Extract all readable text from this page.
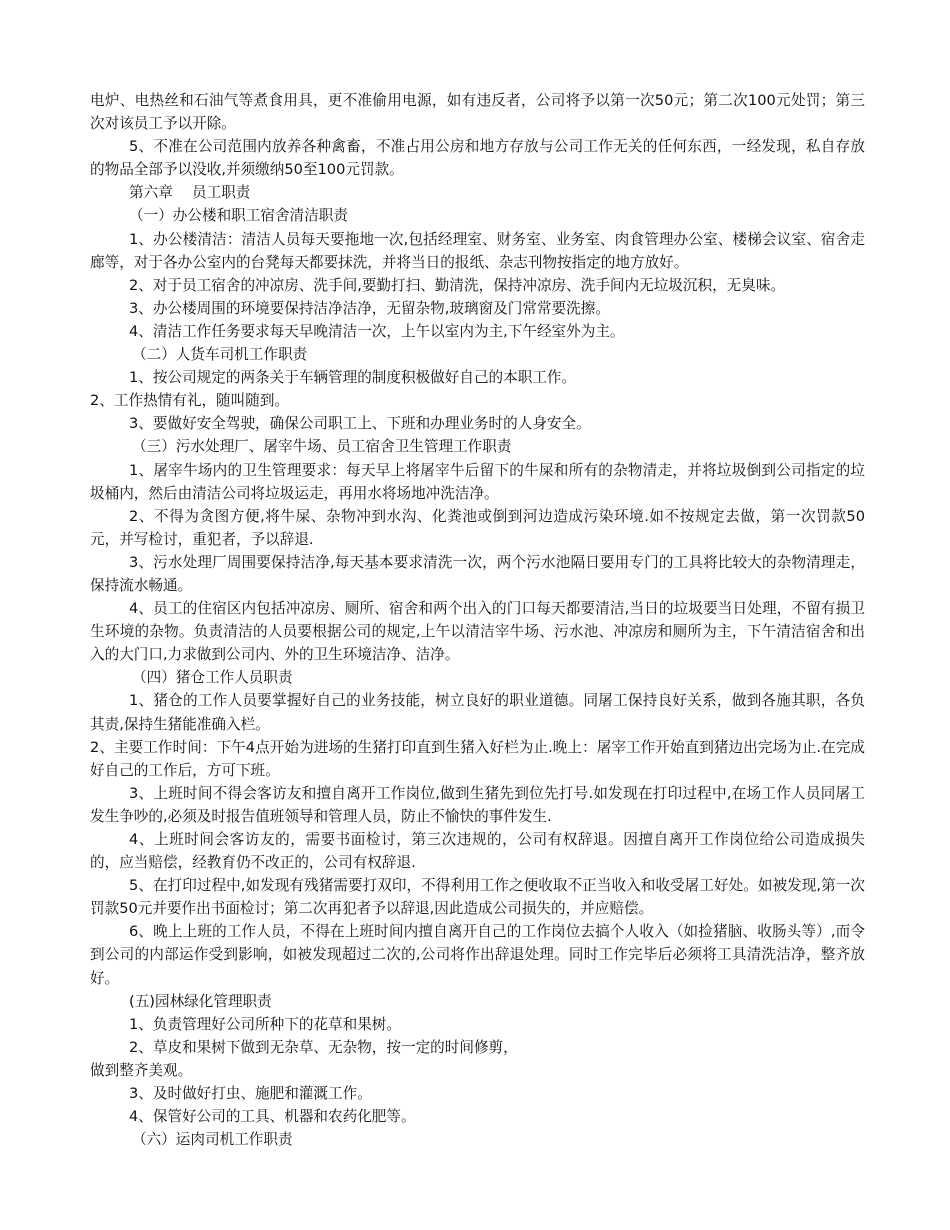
电炉、电热丝和石油气等煮食用具，更不准偷用电源，如有违反者，公司将予以第一次50元；第二次100元处罚；第三次对该员工予以开除。

5、不准在公司范围内放养各种禽畜，不准占用公房和地方存放与公司工作无关的任何东西，一经发现，私自存放的物品全部予以没收,并须缴纳50至100元罚款。

第六章　 员工职责

（一）办公楼和职工宿舍清洁职责

1、办公楼清洁：清洁人员每天要拖地一次,包括经理室、财务室、业务室、肉食管理办公室、楼梯会议室、宿舍走廊等，对于各办公室内的台凳每天都要抹洗，并将当日的报纸、杂志刊物按指定的地方放好。

2、对于员工宿舍的冲凉房、洗手间,要勤打扫、勤清洗，保持冲凉房、洗手间内无垃圾沉积，无臭味。

3、办公楼周围的环境要保持洁净洁净，无留杂物,玻璃窗及门常常要洗擦。

4、清洁工作任务要求每天早晚清洁一次，上午以室内为主,下午经室外为主。

（二）人货车司机工作职责

1、按公司规定的两条关于车辆管理的制度积极做好自己的本职工作。

2、工作热情有礼，随叫随到。

3、要做好安全驾驶，确保公司职工上、下班和办理业务时的人身安全。

（三）污水处理厂、屠宰牛场、员工宿舍卫生管理工作职责

1、屠宰牛场内的卫生管理要求：每天早上将屠宰牛后留下的牛屎和所有的杂物清走，并将垃圾倒到公司指定的垃圾桶内，然后由清洁公司将垃圾运走，再用水将场地冲洗洁净。

2、不得为贪图方便,将牛屎、杂物冲到水沟、化粪池或倒到河边造成污染环境.如不按规定去做，第一次罚款50元，并写检讨，重犯者，予以辞退.

3、污水处理厂周围要保持洁净,每天基本要求清洗一次，两个污水池隔日要用专门的工具将比较大的杂物清理走，保持流水畅通。

4、员工的住宿区内包括冲凉房、厕所、宿舍和两个出入的门口每天都要清洁,当日的垃圾要当日处理，不留有损卫生环境的杂物。负责清洁的人员要根据公司的规定,上午以清洁宰牛场、污水池、冲凉房和厕所为主，下午清洁宿舍和出入的大门口,力求做到公司内、外的卫生环境洁净、洁净。

（四）猪仓工作人员职责

1、猪仓的工作人员要掌握好自己的业务技能，树立良好的职业道德。同屠工保持良好关系，做到各施其职，各负其责,保持生猪能准确入栏。

2、主要工作时间：下午4点开始为进场的生猪打印直到生猪入好栏为止.晚上：屠宰工作开始直到猪边出完场为止.在完成好自己的工作后，方可下班。

3、上班时间不得会客访友和擅自离开工作岗位,做到生猪先到位先打号.如发现在打印过程中,在场工作人员同屠工发生争吵的,必须及时报告值班领导和管理人员，防止不愉快的事件发生.

4、上班时间会客访友的，需要书面检讨，第三次违规的，公司有权辞退。因擅自离开工作岗位给公司造成损失的，应当赔偿，经教育仍不改正的，公司有权辞退.

5、在打印过程中,如发现有残猪需要打双印，不得利用工作之便收取不正当收入和收受屠工好处。如被发现,第一次罚款50元并要作出书面检讨；第二次再犯者予以辞退,因此造成公司损失的，并应赔偿。

6、晚上上班的工作人员，不得在上班时间内擅自离开自己的工作岗位去搞个人收入（如捡猪脑、收肠头等）,而令到公司的内部运作受到影响，如被发现超过二次的,公司将作出辞退处理。同时工作完毕后必须将工具清洗洁净，整齐放好。

(五)园林绿化管理职责

1、负责管理好公司所种下的花草和果树。

2、草皮和果树下做到无杂草、无杂物，按一定的时间修剪，

做到整齐美观。

3、及时做好打虫、施肥和灌溉工作。

4、保管好公司的工具、机器和农药化肥等。

（六）运肉司机工作职责
